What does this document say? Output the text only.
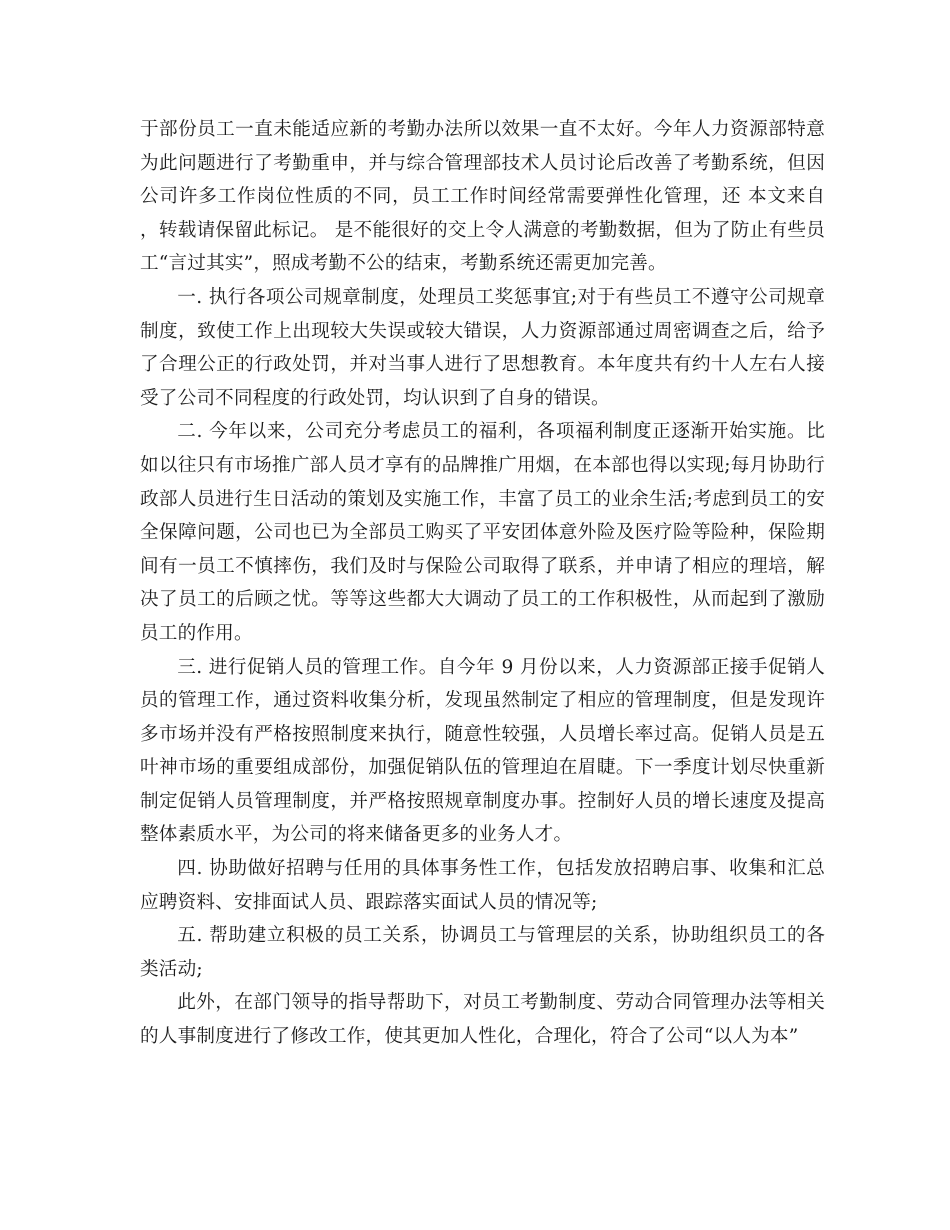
于部份员工一直未能适应新的考勤办法所以效果一直不太好。今年人力资源部特意为此问题进行了考勤重申，并与综合管理部技术人员讨论后改善了考勤系统，但因公司许多工作岗位性质的不同，员工工作时间经常需要弹性化管理，还 本文来自 ，转载请保留此标记。 是不能很好的交上令人满意的考勤数据，但为了防止有些员工“言过其实”，照成考勤不公的结束，考勤系统还需更加完善。

一. 执行各项公司规章制度，处理员工奖惩事宜;对于有些员工不遵守公司规章制度，致使工作上出现较大失误或较大错误，人力资源部通过周密调查之后，给予了合理公正的行政处罚，并对当事人进行了思想教育。本年度共有约十人左右人接受了公司不同程度的行政处罚，均认识到了自身的错误。

二. 今年以来，公司充分考虑员工的福利，各项福利制度正逐渐开始实施。比如以往只有市场推广部人员才享有的品牌推广用烟，在本部也得以实现;每月协助行政部人员进行生日活动的策划及实施工作，丰富了员工的业余生活;考虑到员工的安全保障问题，公司也已为全部员工购买了平安团体意外险及医疗险等险种，保险期间有一员工不慎摔伤，我们及时与保险公司取得了联系，并申请了相应的理培，解决了员工的后顾之忧。等等这些都大大调动了员工的工作积极性，从而起到了激励员工的作用。

三. 进行促销人员的管理工作。自今年 9 月份以来，人力资源部正接手促销人员的管理工作，通过资料收集分析，发现虽然制定了相应的管理制度，但是发现许多市场并没有严格按照制度来执行，随意性较强，人员增长率过高。促销人员是五叶神市场的重要组成部份，加强促销队伍的管理迫在眉睫。下一季度计划尽快重新制定促销人员管理制度，并严格按照规章制度办事。控制好人员的增长速度及提高整体素质水平，为公司的将来储备更多的业务人才。

四. 协助做好招聘与任用的具体事务性工作，包括发放招聘启事、收集和汇总应聘资料、安排面试人员、跟踪落实面试人员的情况等;

五. 帮助建立积极的员工关系，协调员工与管理层的关系，协助组织员工的各类活动;

此外，在部门领导的指导帮助下，对员工考勤制度、劳动合同管理办法等相关的人事制度进行了修改工作，使其更加人性化，合理化，符合了公司“以人为本”
